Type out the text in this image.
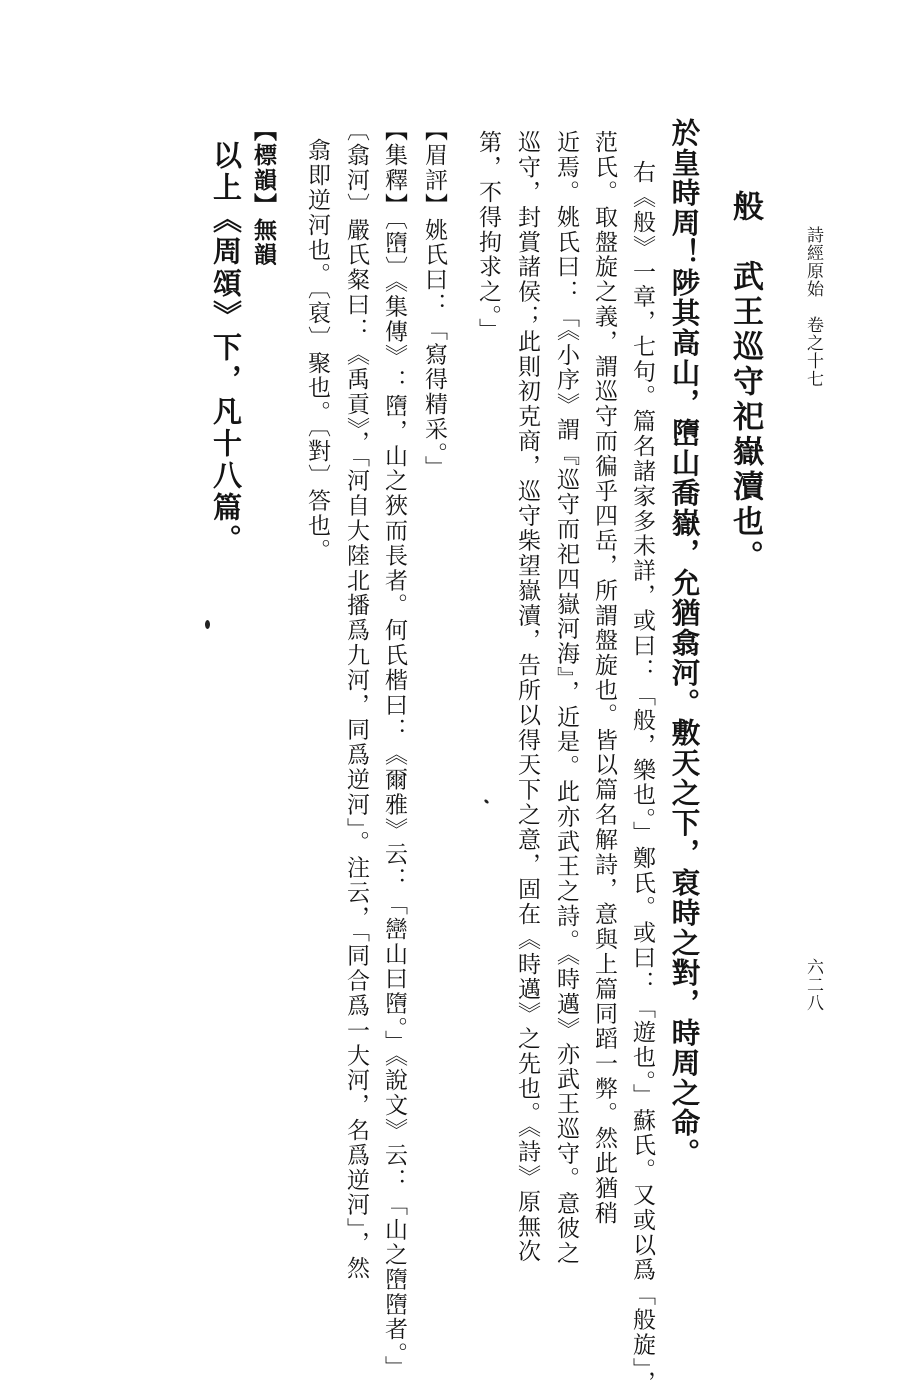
詩經原始　卷之十七
六二八
般　武王巡守祀嶽瀆也。
於皇時周！陟其高山，嶞山喬嶽，允猶翕河。敷天之下，裒時之對，時周之命。
右《般》一章，七句。篇名諸家多未詳，或曰：「般，樂也。」鄭氏。或曰：「遊也。」蘇氏。又或以爲「般旋」，
范氏。取盤旋之義，謂巡守而徧乎四岳，所謂盤旋也。皆以篇名解詩，意與上篇同蹈一弊。然此猶稍
近焉。姚氏曰：「《小序》謂『巡守而祀四嶽河海』，近是。此亦武王之詩。《時邁》亦武王巡守。意彼之
巡守，封賞諸侯；此則初克商，巡守柴望嶽瀆，告所以得天下之意，固在《時邁》之先也。《詩》原無次
第，不得拘求之。」
【眉評】姚氏曰：「寫得精采。」
【集釋】〔嶞〕《集傳》：嶞，山之狹而長者。何氏楷曰：《爾雅》云：「巒山曰嶞。」《說文》云：「山之嶞嶞者。」
〔翕河〕嚴氏粲曰：《禹貢》，「河自大陸北播爲九河，同爲逆河」。注云，「同合爲一大河，名爲逆河」，然
翕即逆河也。〔裒〕聚也。〔對〕答也。
【標韻】無韻
以上《周頌》下，凡十八篇。
